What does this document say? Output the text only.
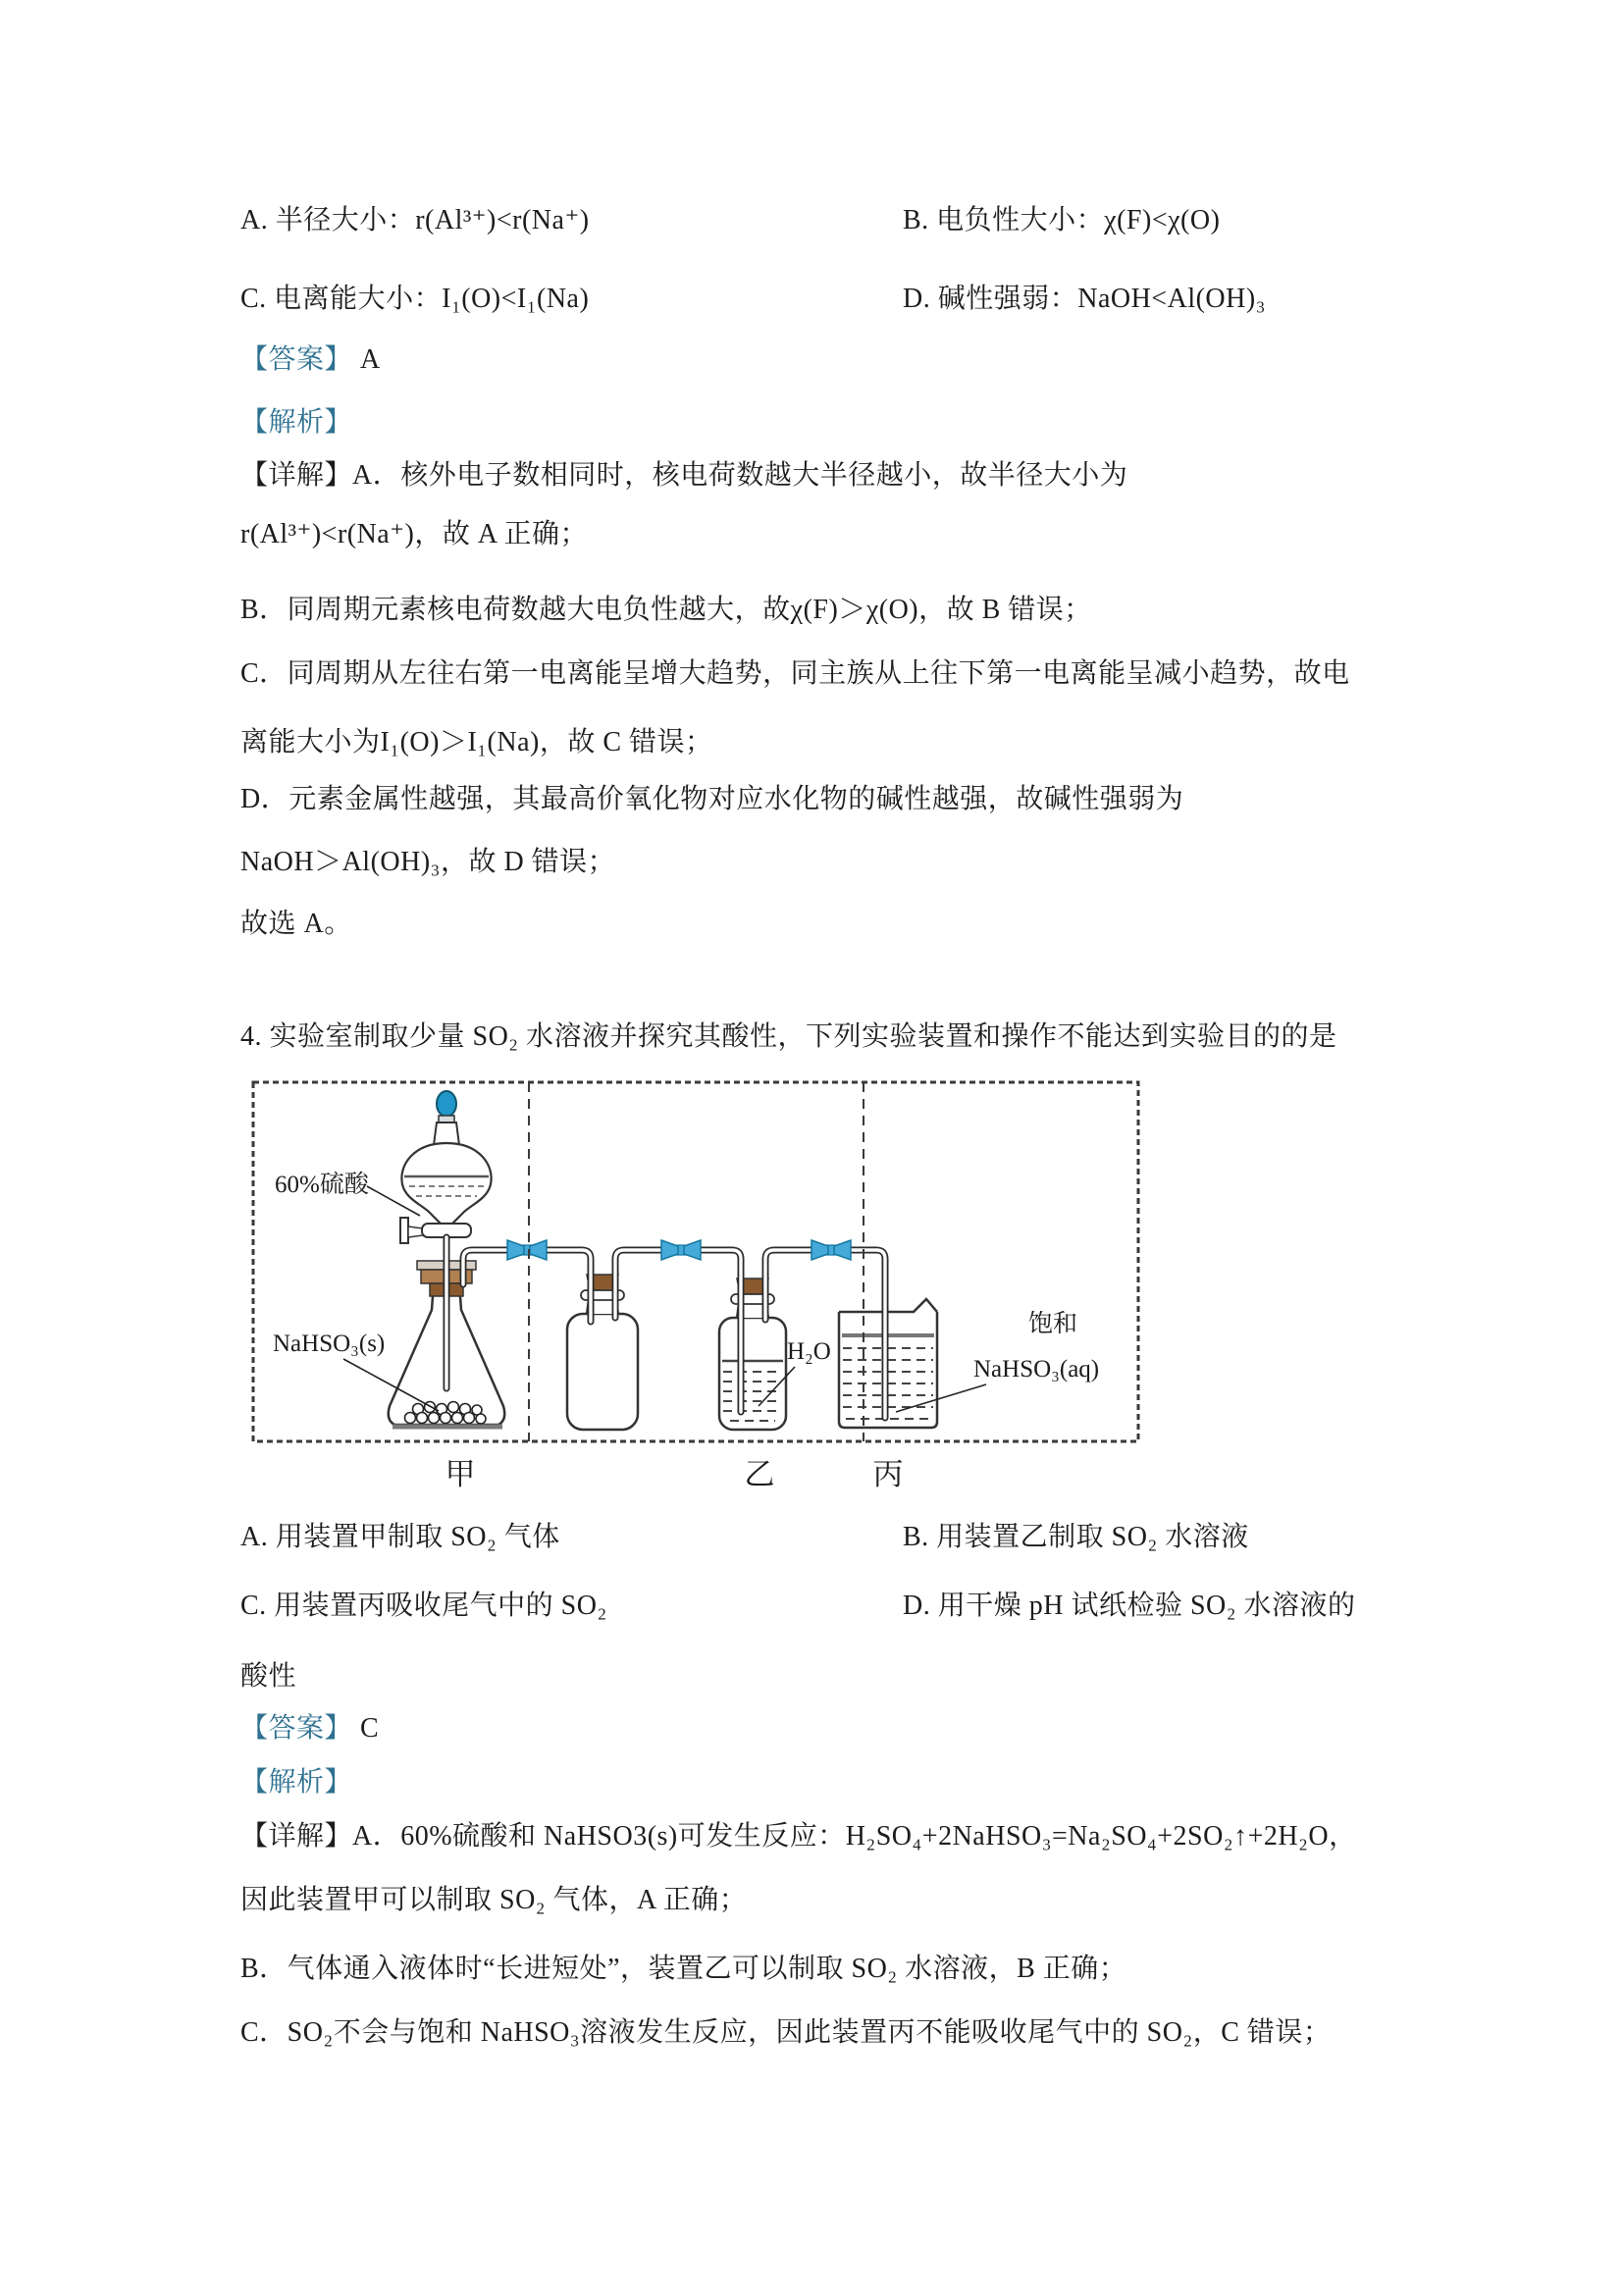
A. 半径大小：r(Al³⁺)<r(Na⁺)	B. 电负性大小：χ(F)<χ(O)
C. 电离能大小：I₁(O)<I₁(Na)	D. 碱性强弱：NaOH<Al(OH)₃
【答案】 A
【解析】
【详解】A．核外电子数相同时，核电荷数越大半径越小，故半径大小为
r(Al³⁺)<r(Na⁺)，故 A 正确；
B．同周期元素核电荷数越大电负性越大，故χ(F)＞χ(O)，故 B 错误；
C．同周期从左往右第一电离能呈增大趋势，同主族从上往下第一电离能呈减小趋势，故电
离能大小为I₁(O)＞I₁(Na)，故 C 错误；
D．元素金属性越强，其最高价氧化物对应水化物的碱性越强，故碱性强弱为
NaOH＞Al(OH)₃，故 D 错误；
故选 A。
4. 实验室制取少量 SO₂ 水溶液并探究其酸性，下列实验装置和操作不能达到实验目的的是
60%硫酸
NaHSO₃(s)	H₂O
饱和
NaHSO₃(aq)
甲	乙	丙
A. 用装置甲制取 SO₂ 气体	B. 用装置乙制取 SO₂ 水溶液
C. 用装置丙吸收尾气中的 SO₂	D. 用干燥 pH 试纸检验 SO₂ 水溶液的
酸性
【答案】 C
【解析】
【详解】A．60%硫酸和 NaHSO3(s)可发生反应：H₂SO₄+2NaHSO₃=Na₂SO₄+2SO₂↑+2H₂O，
因此装置甲可以制取 SO₂ 气体，A 正确；
B．气体通入液体时“长进短处”，装置乙可以制取 SO₂ 水溶液，B 正确；
C．SO₂不会与饱和 NaHSO₃溶液发生反应，因此装置丙不能吸收尾气中的 SO₂，C 错误；
